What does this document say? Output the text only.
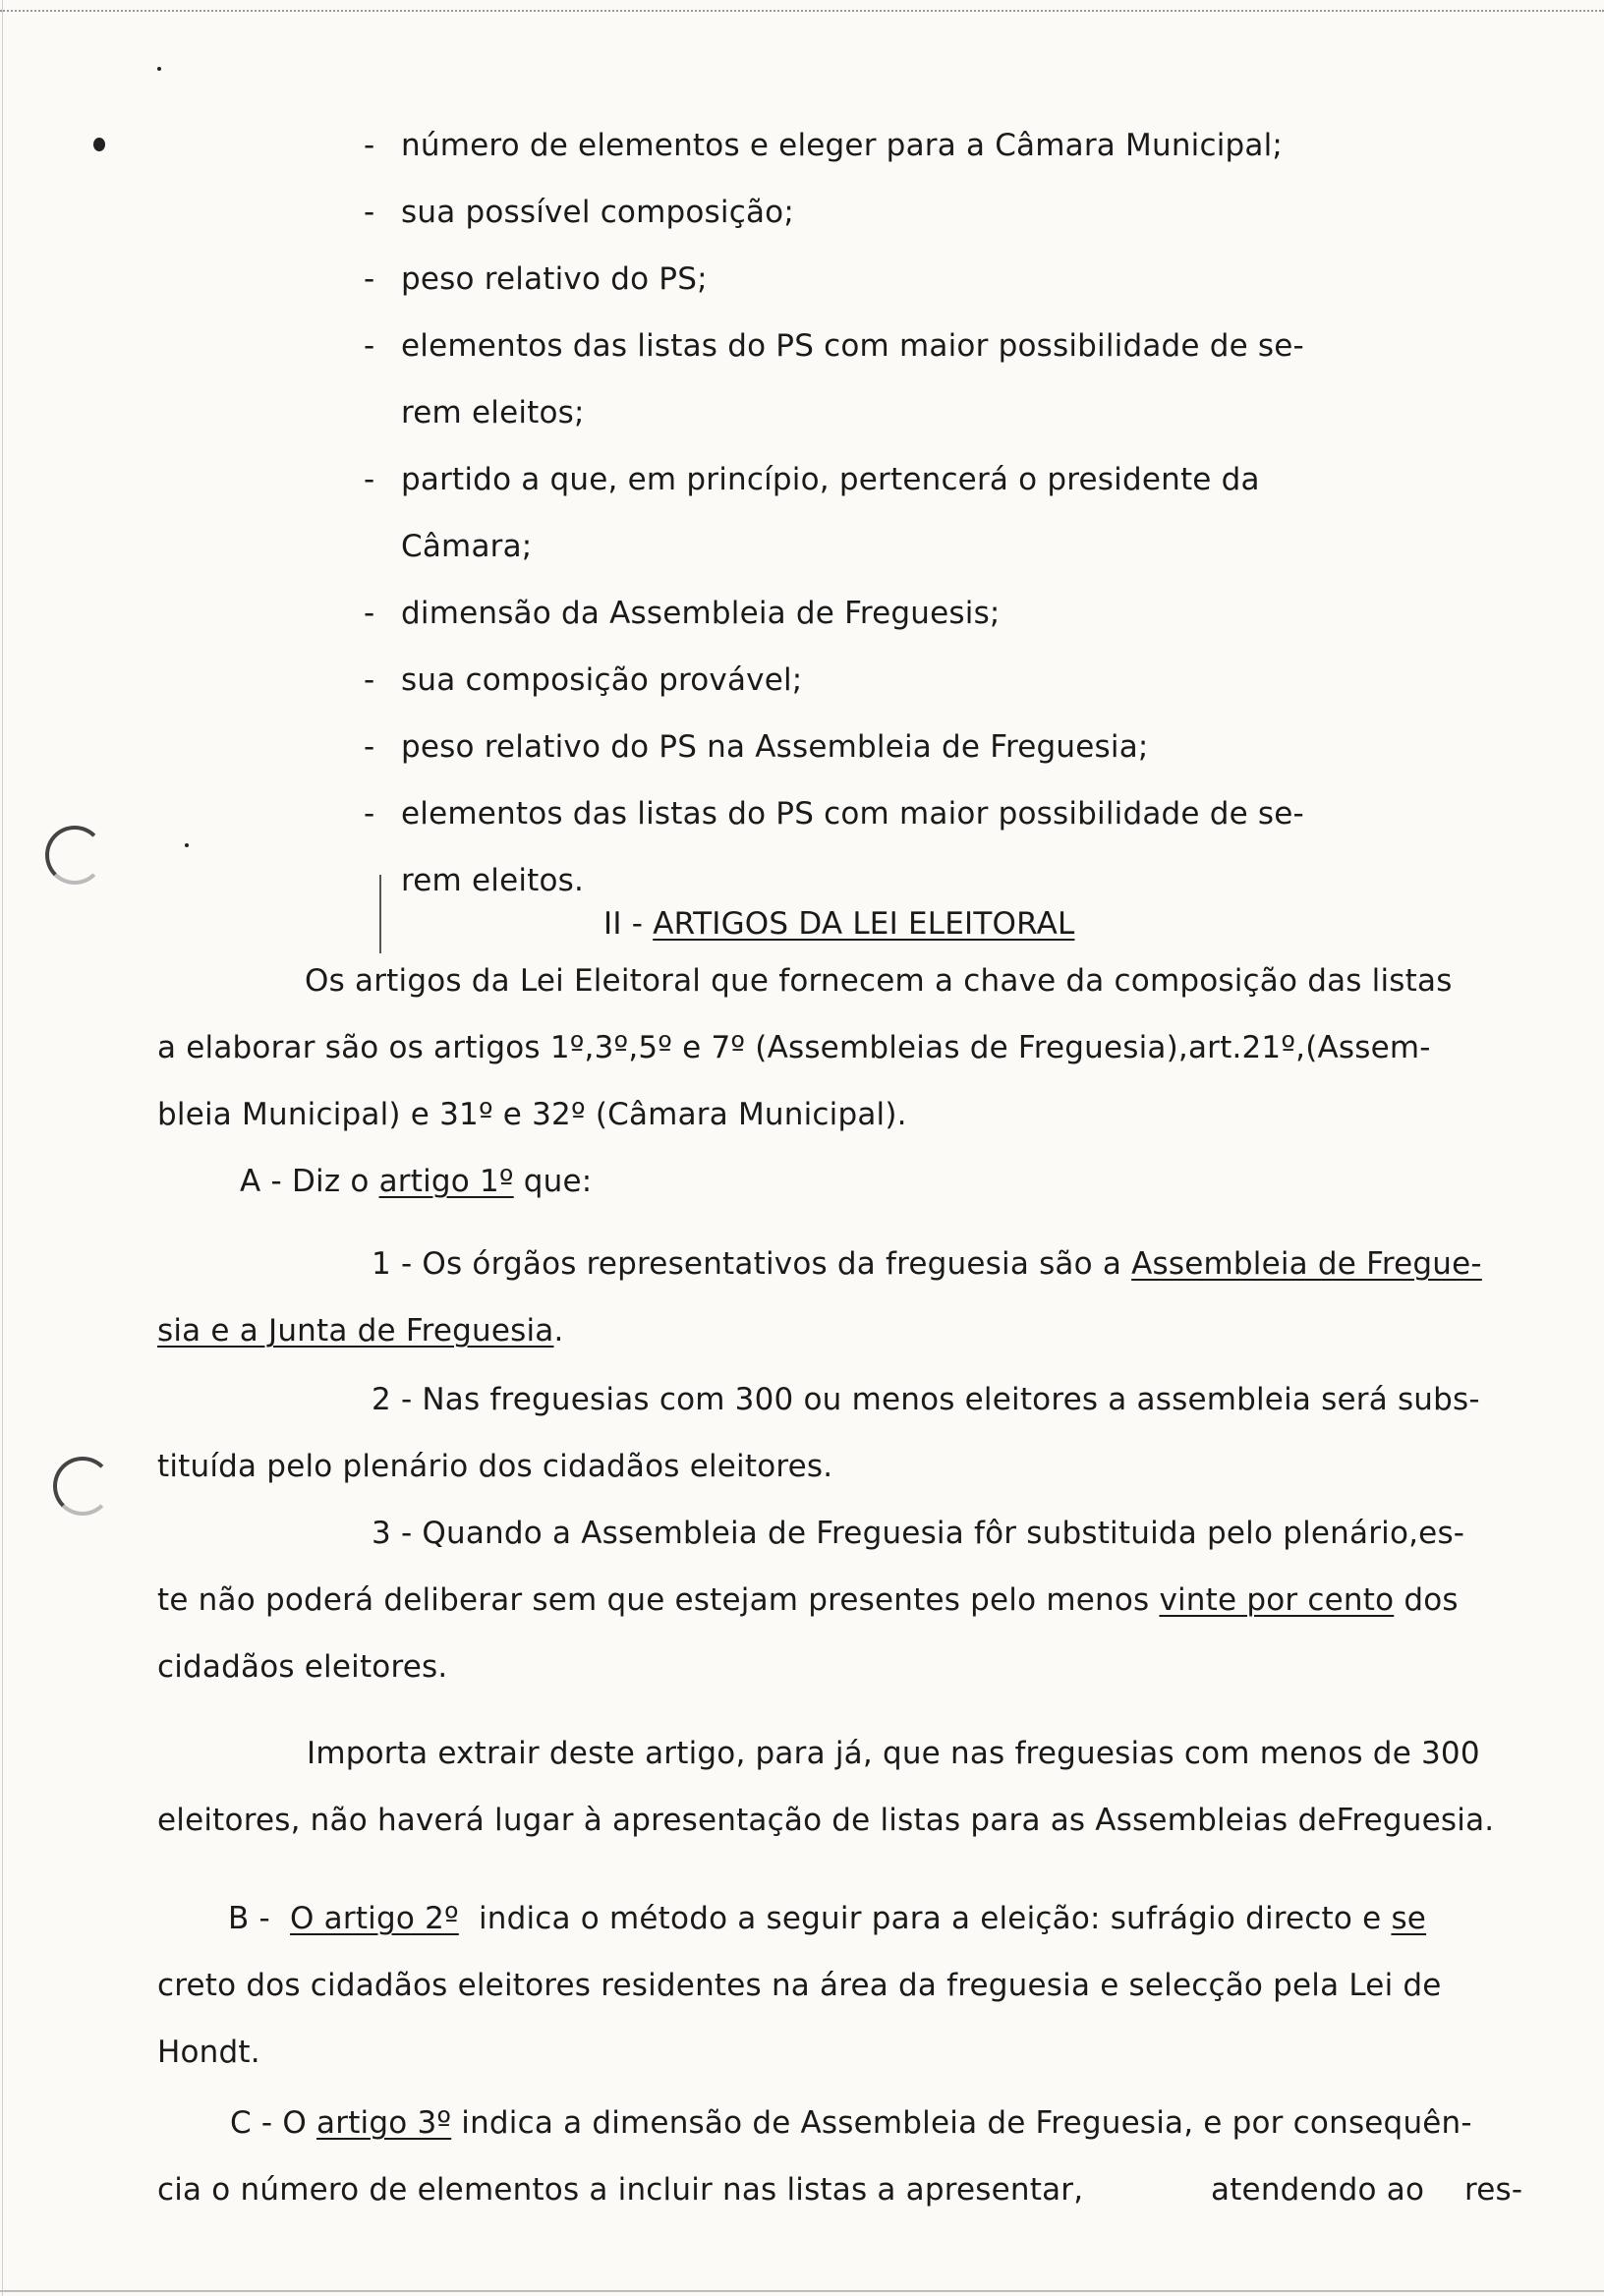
- número de elementos e eleger para a Câmara Municipal;
- sua possível composição;
- peso relativo do PS;
- elementos das listas do PS com maior possibilidade de se-
rem eleitos;
- partido a que, em princípio, pertencerá o presidente da
Câmara;
- dimensão da Assembleia de Freguesis;
- sua composição provável;
- peso relativo do PS na Assembleia de Freguesia;
- elementos das listas do PS com maior possibilidade de se-
rem eleitos.
II - ARTIGOS DA LEI ELEITORAL
Os artigos da Lei Eleitoral que fornecem a chave da composição das listas
a elaborar são os artigos 1º,3º,5º e 7º (Assembleias de Freguesia),art.21º,(Assem-
bleia Municipal) e 31º e 32º (Câmara Municipal).
A - Diz o artigo 1º que:
1 - Os órgãos representativos da freguesia são a Assembleia de Fregue-
sia e a Junta de Freguesia.
2 - Nas freguesias com 300 ou menos eleitores a assembleia será subs-
tituída pelo plenário dos cidadãos eleitores.
3 - Quando a Assembleia de Freguesia fôr substituida pelo plenário,es-
te não poderá deliberar sem que estejam presentes pelo menos vinte por cento dos
cidadãos eleitores.
Importa extrair deste artigo, para já, que nas freguesias com menos de 300
eleitores, não haverá lugar à apresentação de listas para as Assembleias deFreguesia.
B - O artigo 2º indica o método a seguir para a eleição: sufrágio directo e se
creto dos cidadãos eleitores residentes na área da freguesia e selecção pela Lei de
Hondt.
C - O artigo 3º indica a dimensão de Assembleia de Freguesia, e por consequên-
cia o número de elementos a incluir nas listas a apresentar,	atendendo ao res-
